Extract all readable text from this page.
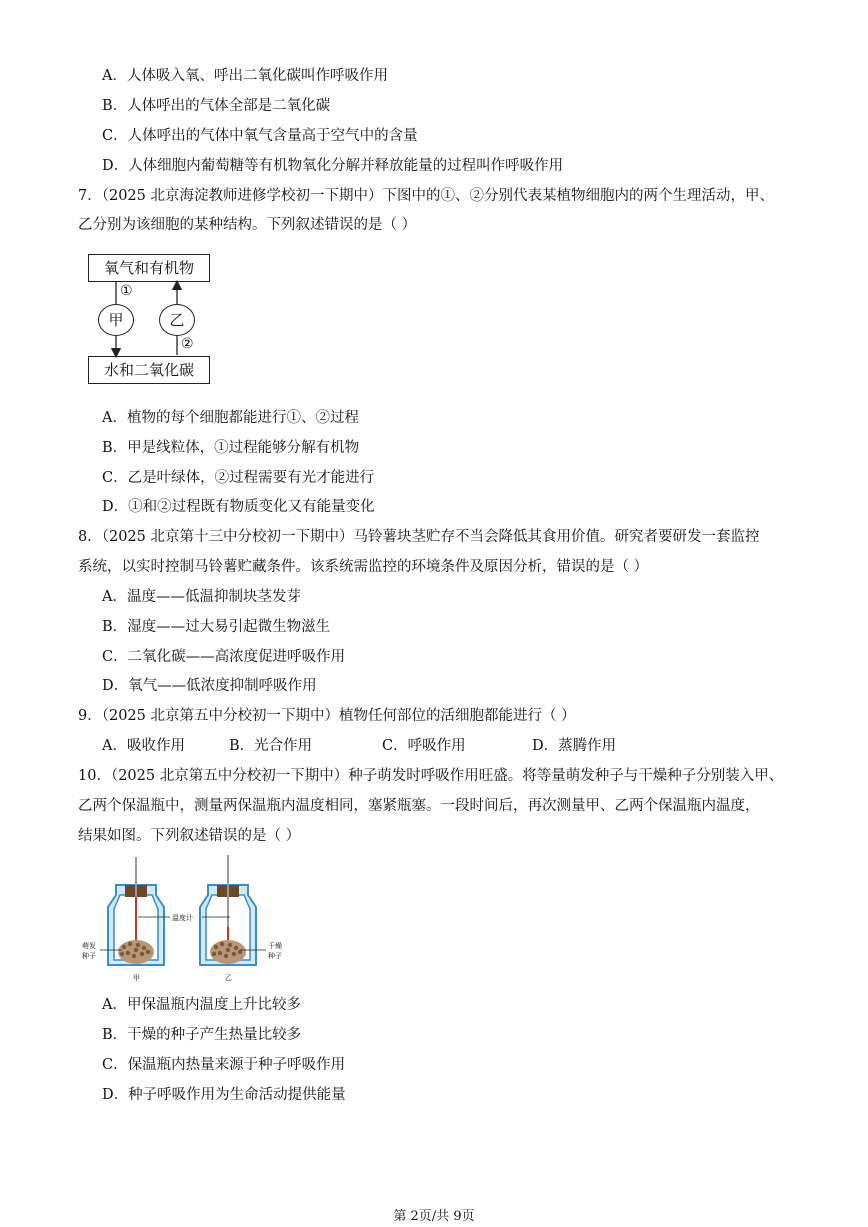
A．人体吸入氧、呼出二氧化碳叫作呼吸作用
B．人体呼出的气体全部是二氧化碳
C．人体呼出的气体中氧气含量高于空气中的含量
D．人体细胞内葡萄糖等有机物氧化分解并释放能量的过程叫作呼吸作用
7．（2025 北京海淀教师进修学校初一下期中）下图中的①、②分别代表某植物细胞内的两个生理活动，甲、
乙分别为该细胞的某种结构。下列叙述错误的是（ ）
氧气和有机物
水和二氧化碳
甲	乙
①
②
A．植物的每个细胞都能进行①、②过程
B．甲是线粒体，①过程能够分解有机物
C．乙是叶绿体，②过程需要有光才能进行
D．①和②过程既有物质变化又有能量变化
8．（2025 北京第十三中分校初一下期中）马铃薯块茎贮存不当会降低其食用价值。研究者要研发一套监控
系统，以实时控制马铃薯贮藏条件。该系统需监控的环境条件及原因分析，错误的是（ ）
A．温度——低温抑制块茎发芽
B．湿度——过大易引起微生物滋生
C．二氧化碳——高浓度促进呼吸作用
D．氧气——低浓度抑制呼吸作用
9．（2025 北京第五中分校初一下期中）植物任何部位的活细胞都能进行（ ）
A．吸收作用	B．光合作用	C．呼吸作用	D．蒸腾作用
10．（2025 北京第五中分校初一下期中）种子萌发时呼吸作用旺盛。将等量萌发种子与干燥种子分别装入甲、
乙两个保温瓶中，测量两保温瓶内温度相同，塞紧瓶塞。一段时间后，再次测量甲、乙两个保温瓶内温度，
结果如图。下列叙述错误的是（ ）
温度计
萌发
种子
干燥
种子
甲	乙
A．甲保温瓶内温度上升比较多
B．干燥的种子产生热量比较多
C．保温瓶内热量来源于种子呼吸作用
D．种子呼吸作用为生命活动提供能量
第 2页/共 9页
